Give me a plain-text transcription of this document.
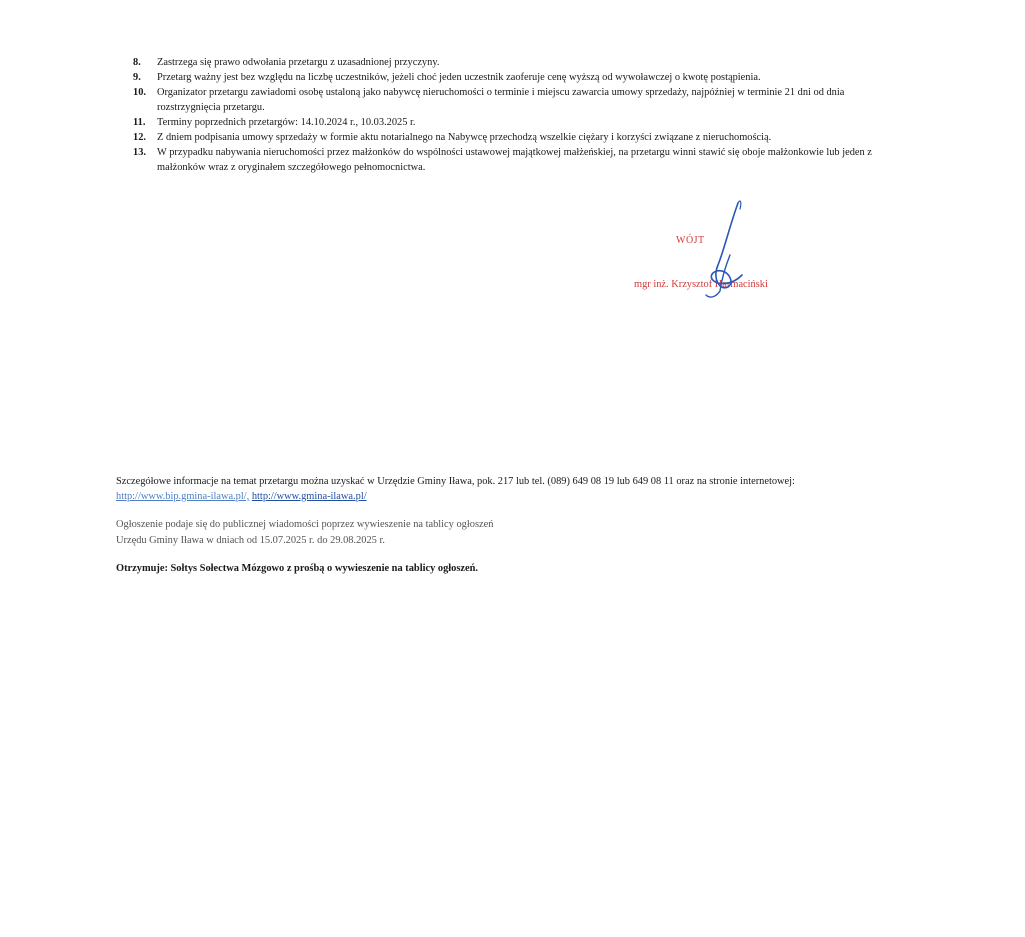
8. Zastrzega się prawo odwołania przetargu z uzasadnionej przyczyny.
9. Przetarg ważny jest bez względu na liczbę uczestników, jeżeli choć jeden uczestnik zaoferuje cenę wyższą od wywoławczej o kwotę postąpienia.
10. Organizator przetargu zawiadomi osobę ustaloną jako nabywcę nieruchomości o terminie i miejscu zawarcia umowy sprzedaży, najpóźniej w terminie 21 dni od dnia rozstrzygnięcia przetargu.
11. Terminy poprzednich przetargów: 14.10.2024 r., 10.03.2025 r.
12. Z dniem podpisania umowy sprzedaży w formie aktu notarialnego na Nabywcę przechodzą wszelkie ciężary i korzyści związane z nieruchomością.
13. W przypadku nabywania nieruchomości przez małżonków do wspólności ustawowej majątkowej małżeńskiej, na przetargu winni stawić się oboje małżonkowie lub jeden z małżonków wraz z oryginałem szczegółowego pełnomocnictwa.
WÓJT
mgr inż. Krzysztof Harmaciński
Szczegółowe informacje na temat przetargu można uzyskać w Urzędzie Gminy Iława, pok. 217 lub tel. (089) 649 08 19 lub 649 08 11 oraz na stronie internetowej:
http://www.bip.gmina-ilawa.pl/, http://www.gmina-ilawa.pl/
Ogłoszenie podaje się do publicznej wiadomości poprzez wywieszenie na tablicy ogłoszeń
Urzędu Gminy Iława w dniach od 15.07.2025 r. do 29.08.2025 r.
Otrzymuje: Sołtys Sołectwa Mózgowo z prośbą o wywieszenie na tablicy ogłoszeń.
